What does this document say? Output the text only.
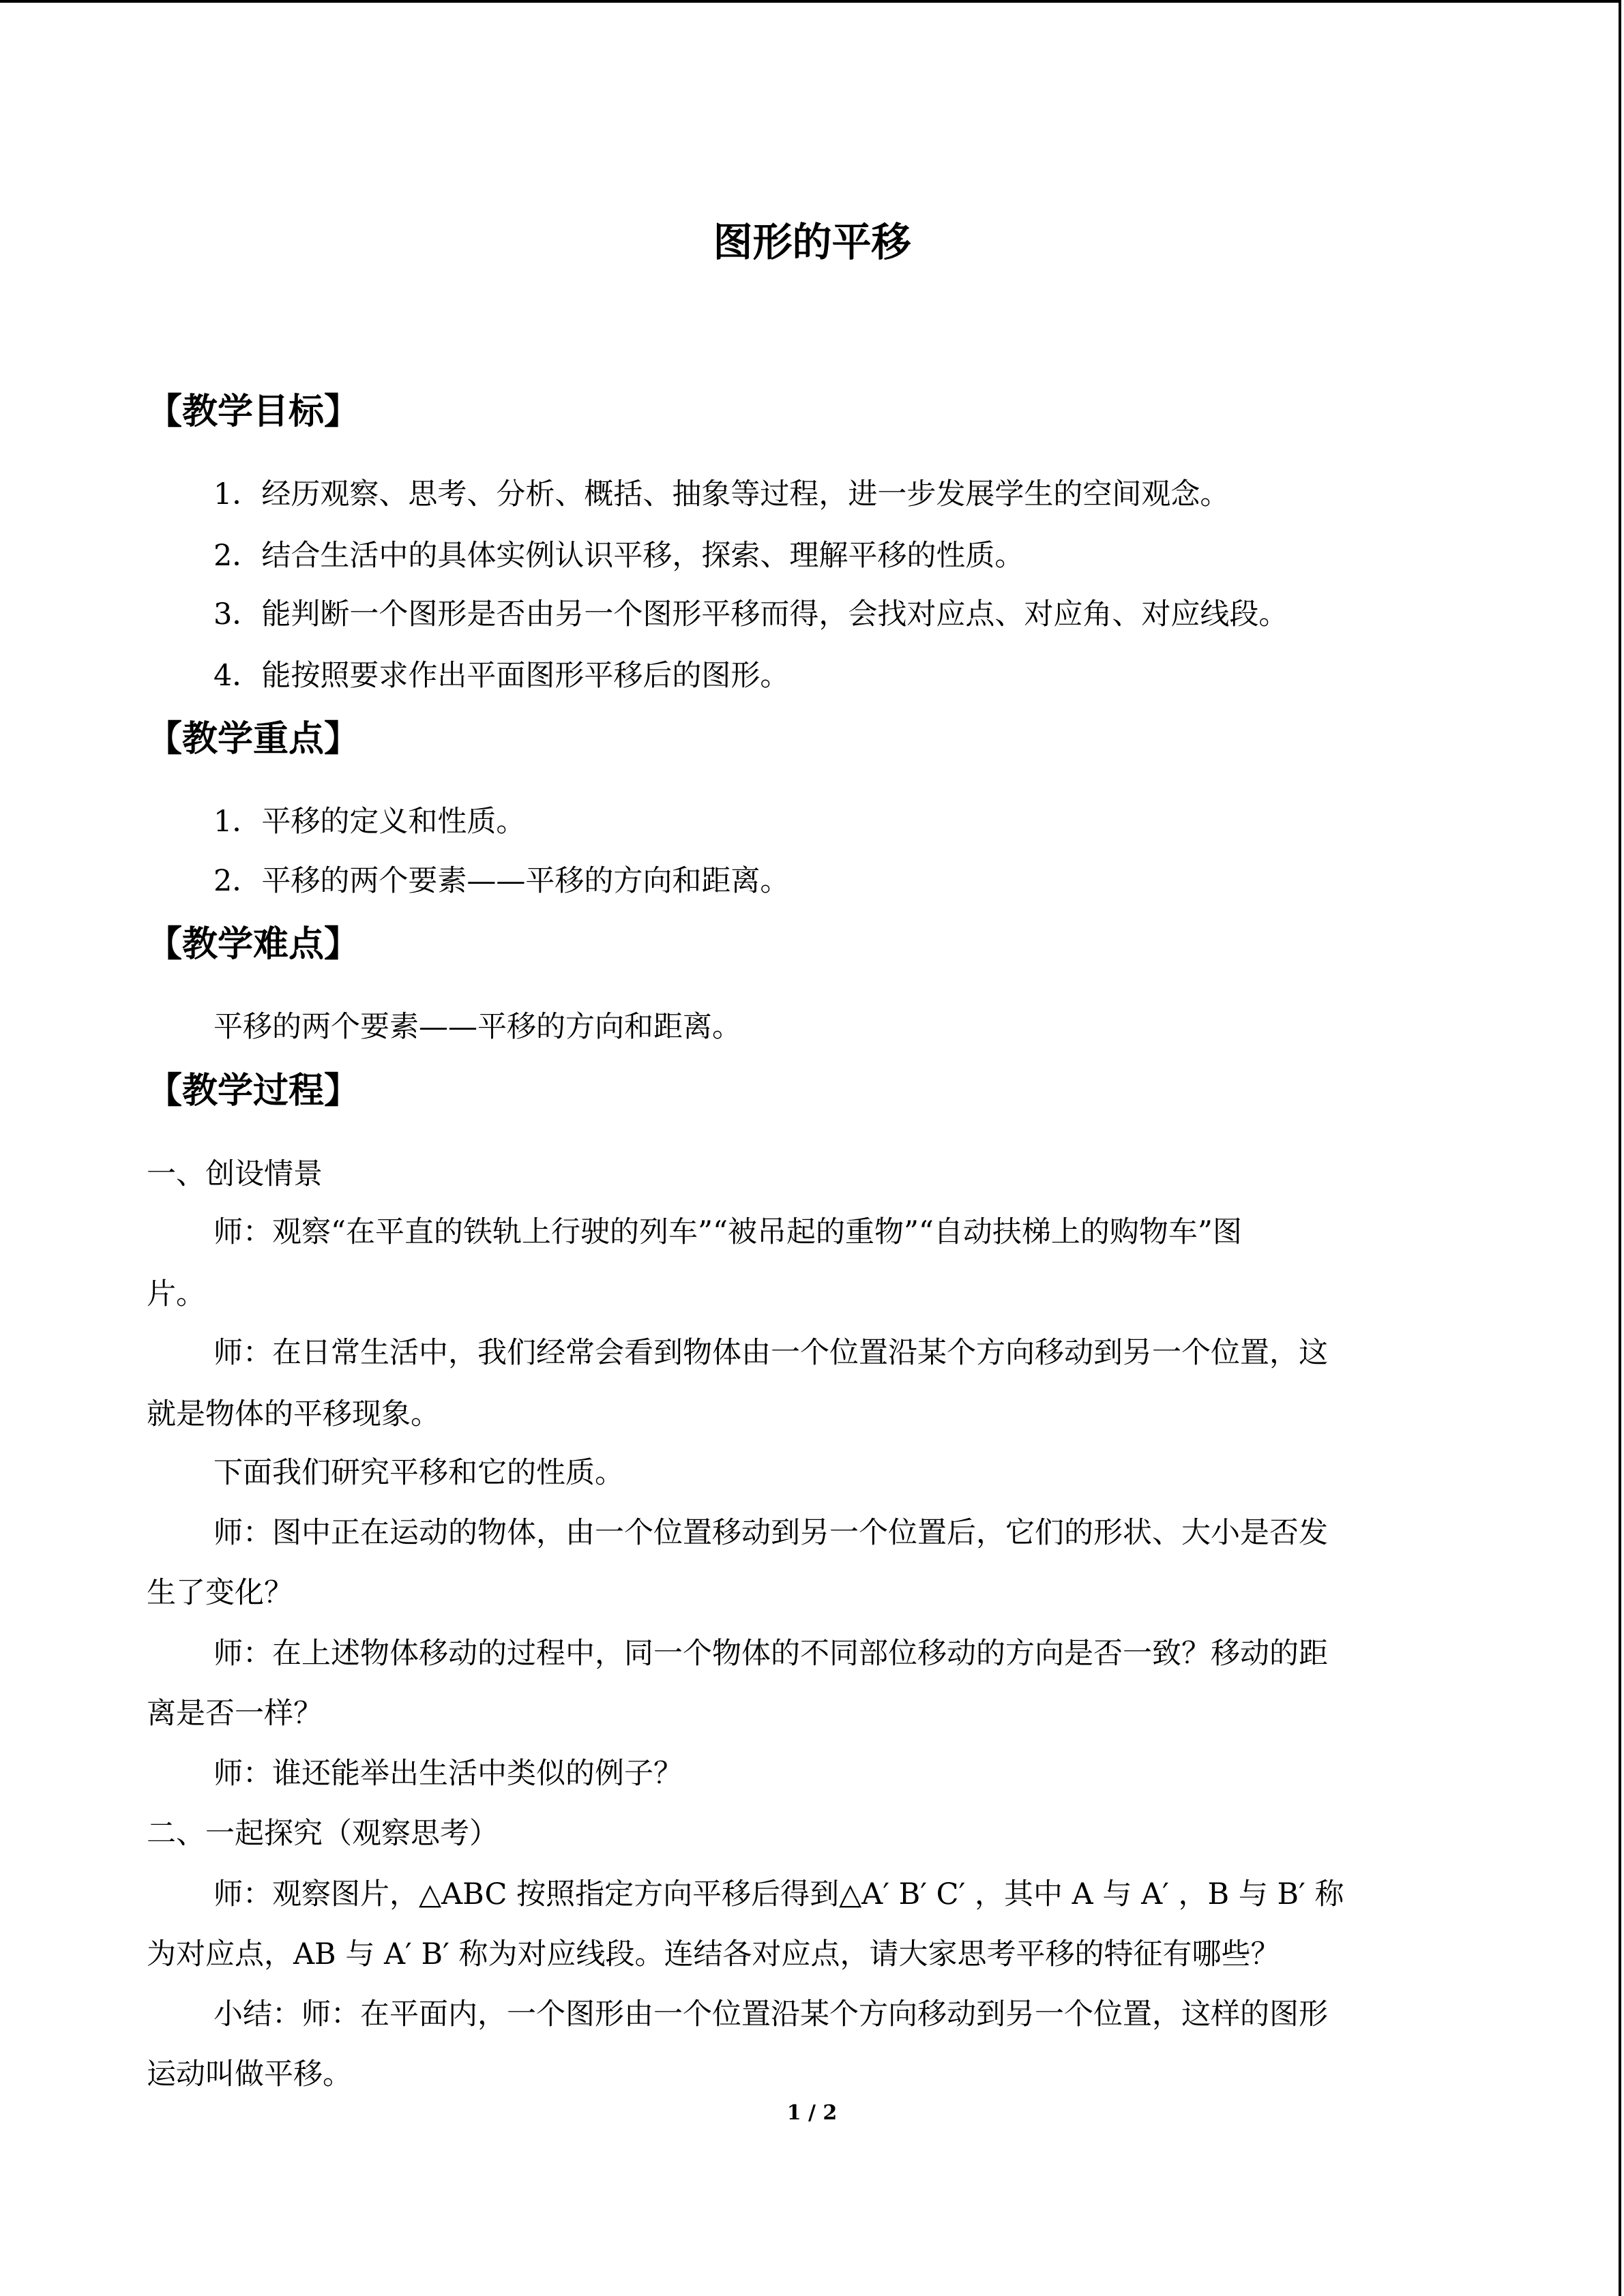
图形的平移
【教学目标】
1．经历观察、思考、分析、概括、抽象等过程，进一步发展学生的空间观念。
2．结合生活中的具体实例认识平移，探索、理解平移的性质。
3．能判断一个图形是否由另一个图形平移而得，会找对应点、对应角、对应线段。
4．能按照要求作出平面图形平移后的图形。
【教学重点】
1．平移的定义和性质。
2．平移的两个要素——平移的方向和距离。
【教学难点】
平移的两个要素——平移的方向和距离。
【教学过程】
一、创设情景
师：观察“在平直的铁轨上行驶的列车”“被吊起的重物”“自动扶梯上的购物车”图
片。
师：在日常生活中，我们经常会看到物体由一个位置沿某个方向移动到另一个位置，这
就是物体的平移现象。
下面我们研究平移和它的性质。
师：图中正在运动的物体，由一个位置移动到另一个位置后，它们的形状、大小是否发
生了变化？
师：在上述物体移动的过程中，同一个物体的不同部位移动的方向是否一致？移动的距
离是否一样？
师：谁还能举出生活中类似的例子？
二、一起探究（观察思考）
师：观察图片，△ABC 按照指定方向平移后得到△A′ B′ C′ ，其中 A 与 A′ ，B 与 B′ 称
为对应点，AB 与 A′ B′ 称为对应线段。连结各对应点，请大家思考平移的特征有哪些？
小结：师：在平面内，一个图形由一个位置沿某个方向移动到另一个位置，这样的图形
运动叫做平移。
1 / 2
